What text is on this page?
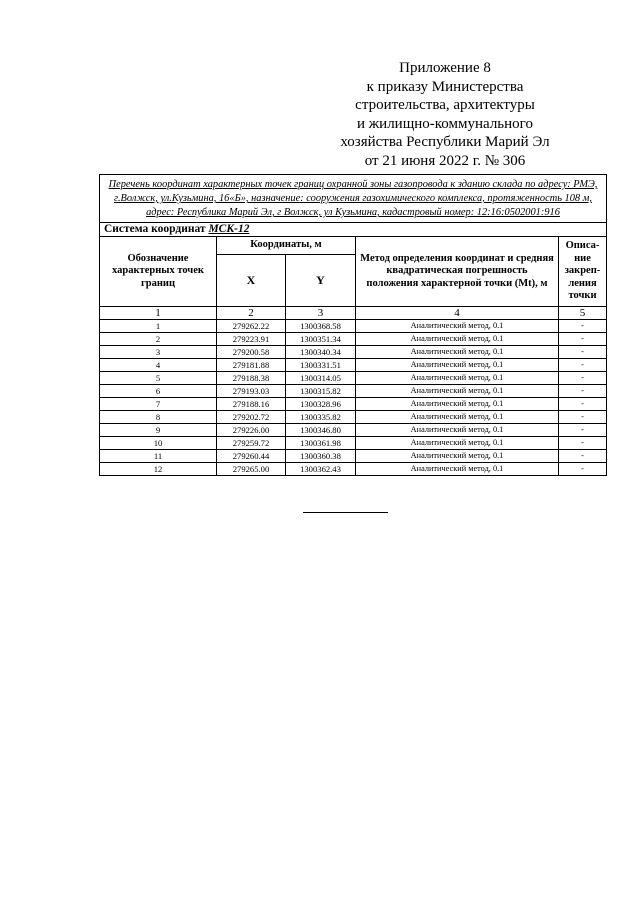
Приложение 8
к приказу Министерства
строительства, архитектуры
и жилищно-коммунального
хозяйства Республики Марий Эл
от 21 июня 2022 г. № 306
Перечень координат характерных точек границ охранной зоны газопровода к зданию склада по адресу: РМЭ, г.Волжск, ул.Кузьмина, 16«Б», назначение: сооружения газохимического комплекса, протяженность 108 м, адрес: Республика Марий Эл, г Волжск, ул Кузьмина, кадастровый номер: 12:16:0502001:916				
Система координат МСК-12				
Обозначение характерных точек границ	Координаты, м		Метод определения координат и средняя квадратическая погрешность положения характерной точки (Mt), м	Описа-ние закреп-ления точки
	X	Y		
1	2	3	4	5
1	279262.22	1300368.58	Аналитический метод, 0.1	-
2	279223.91	1300351.34	Аналитический метод, 0.1	-
3	279200.58	1300340.34	Аналитический метод, 0.1	-
4	279181.88	1300331.51	Аналитический метод, 0.1	-
5	279188.38	1300314.05	Аналитический метод, 0.1	-
6	279193.03	1300315.82	Аналитический метод, 0.1	-
7	279188.16	1300328.96	Аналитический метод, 0.1	-
8	279202.72	1300335.82	Аналитический метод, 0.1	-
9	279226.00	1300346.80	Аналитический метод, 0.1	-
10	279259.72	1300361.98	Аналитический метод, 0.1	-
11	279260.44	1300360.38	Аналитический метод, 0.1	-
12	279265.00	1300362.43	Аналитический метод, 0.1	-
